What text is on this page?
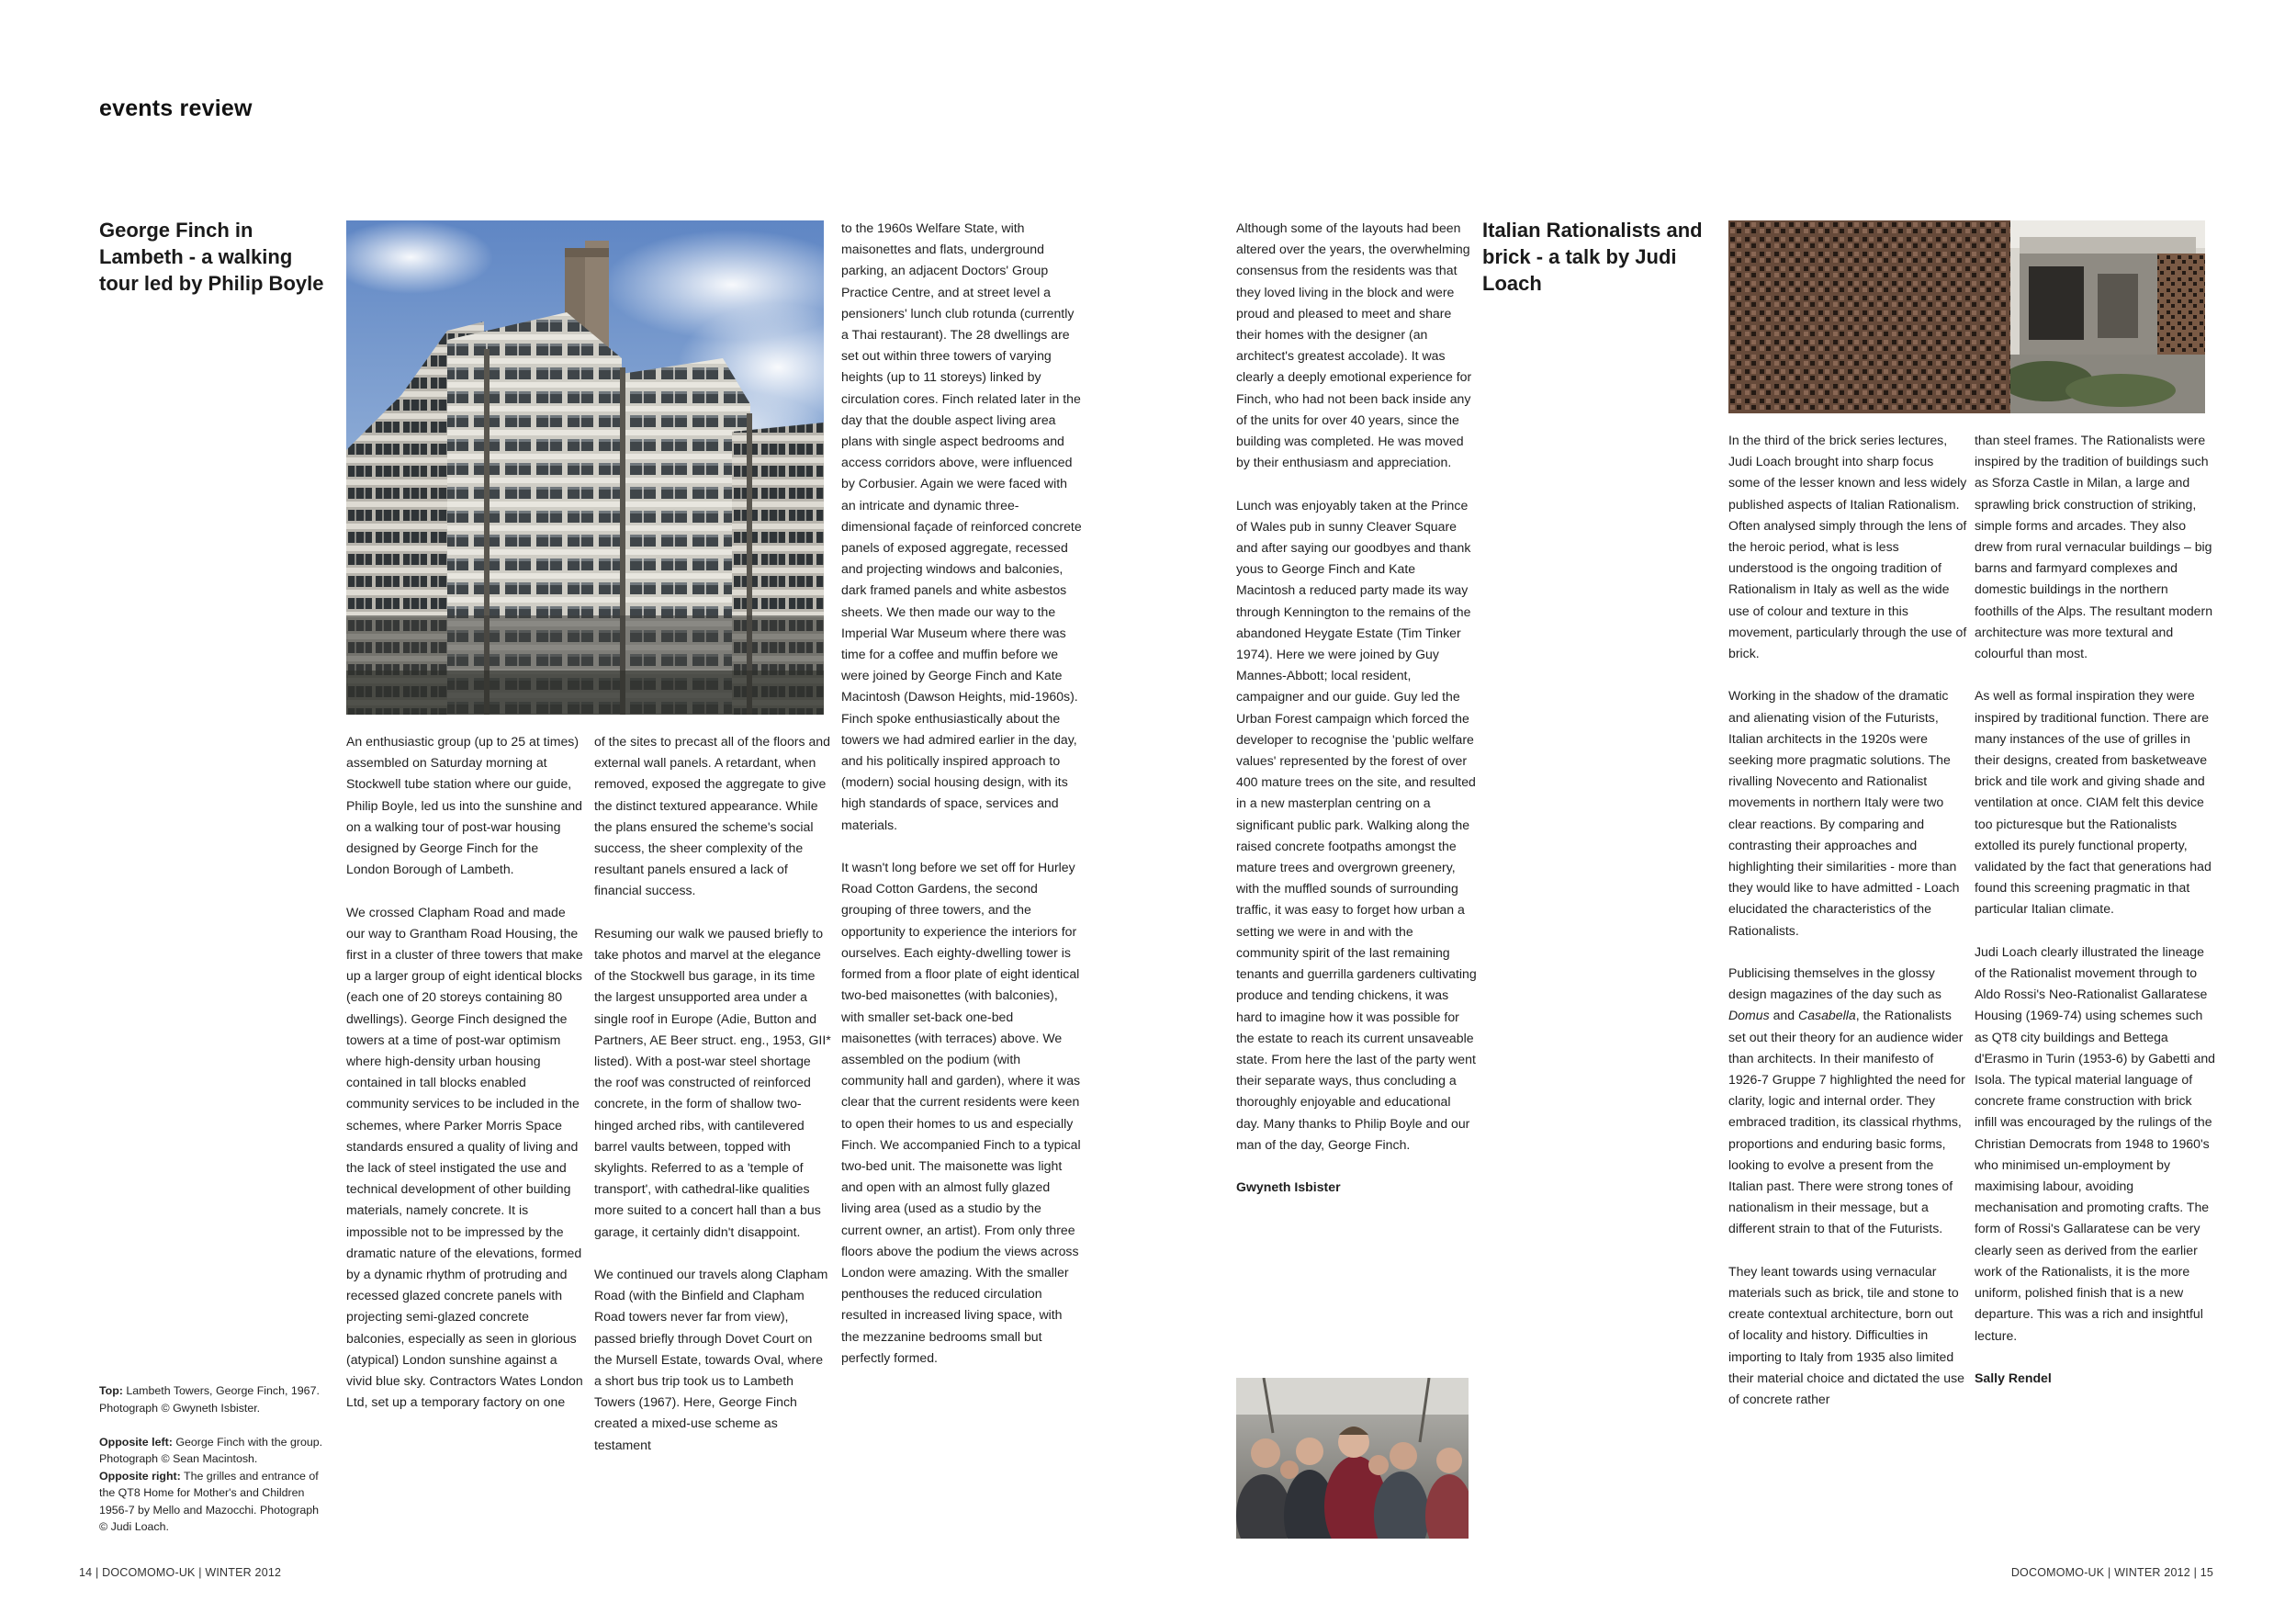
events review
George Finch in Lambeth - a walking tour led by Philip Boyle

An enthusiastic group (up to 25 at times) assembled on Saturday morning at Stockwell tube station where our guide, Philip Boyle, led us into the sunshine and on a walking tour of post-war housing designed by George Finch for the London Borough of Lambeth.

We crossed Clapham Road and made our way to Grantham Road Housing, the first in a cluster of three towers that make up a larger group of eight identical blocks (each one of 20 storeys containing 80 dwellings). George Finch designed the towers at a time of post-war optimism where high-density urban housing contained in tall blocks enabled community services to be included in the schemes, where Parker Morris Space standards ensured a quality of living and the lack of steel instigated the use and technical development of other building materials, namely concrete. It is impossible not to be impressed by the dramatic nature of the elevations, formed by a dynamic rhythm of protruding and recessed glazed concrete panels with projecting semi-glazed concrete balconies, especially as seen in glorious (atypical) London sunshine against a vivid blue sky. Contractors Wates London Ltd, set up a temporary factory on one

of the sites to precast all of the floors and external wall panels. A retardant, when removed, exposed the aggregate to give the distinct textured appearance. While the plans ensured the scheme's social success, the sheer complexity of the resultant panels ensured a lack of financial success.

Resuming our walk we paused briefly to take photos and marvel at the elegance of the Stockwell bus garage, in its time the largest unsupported area under a single roof in Europe (Adie, Button and Partners, AE Beer struct. eng., 1953, GII* listed). With a post-war steel shortage the roof was constructed of reinforced concrete, in the form of shallow two-hinged arched ribs, with cantilevered barrel vaults between, topped with skylights. Referred to as a 'temple of transport', with cathedral-like qualities more suited to a concert hall than a bus garage, it certainly didn't disappoint.

We continued our travels along Clapham Road (with the Binfield and Clapham Road towers never far from view), passed briefly through Dovet Court on the Mursell Estate, towards Oval, where a short bus trip took us to Lambeth Towers (1967). Here, George Finch created a mixed-use scheme as testament

to the 1960s Welfare State, with maisonettes and flats, underground parking, an adjacent Doctors' Group Practice Centre, and at street level a pensioners' lunch club rotunda (currently a Thai restaurant). The 28 dwellings are set out within three towers of varying heights (up to 11 storeys) linked by circulation cores. Finch related later in the day that the double aspect living area plans with single aspect bedrooms and access corridors above, were influenced by Corbusier. Again we were faced with an intricate and dynamic three-dimensional façade of reinforced concrete panels of exposed aggregate, recessed and projecting windows and balconies, dark framed panels and white asbestos sheets. We then made our way to the Imperial War Museum where there was time for a coffee and muffin before we were joined by George Finch and Kate Macintosh (Dawson Heights, mid-1960s). Finch spoke enthusiastically about the towers we had admired earlier in the day, and his politically inspired approach to (modern) social housing design, with its high standards of space, services and materials.

It wasn't long before we set off for Hurley Road Cotton Gardens, the second grouping of three towers, and the opportunity to experience the interiors for ourselves. Each eighty-dwelling tower is formed from a floor plate of eight identical two-bed maisonettes (with balconies), with smaller set-back one-bed maisonettes (with terraces) above. We assembled on the podium (with community hall and garden), where it was clear that the current residents were keen to open their homes to us and especially Finch. We accompanied Finch to a typical two-bed unit. The maisonette was light and open with an almost fully glazed living area (used as a studio by the current owner, an artist). From only three floors above the podium the views across London were amazing. With the smaller penthouses the reduced circulation resulted in increased living space, with the mezzanine bedrooms small but perfectly formed.

Top: Lambeth Towers, George Finch, 1967. Photograph © Gwyneth Isbister.

Opposite left: George Finch with the group. Photograph © Sean Macintosh.
Opposite right: The grilles and entrance of the QT8 Home for Mother's and Children 1956-7 by Mello and Mazocchi. Photograph © Judi Loach.

14 | DOCOMOMO-UK | WINTER 2012

Although some of the layouts had been altered over the years, the overwhelming consensus from the residents was that they loved living in the block and were proud and pleased to meet and share their homes with the designer (an architect's greatest accolade). It was clearly a deeply emotional experience for Finch, who had not been back inside any of the units for over 40 years, since the building was completed. He was moved by their enthusiasm and appreciation.

Lunch was enjoyably taken at the Prince of Wales pub in sunny Cleaver Square and after saying our goodbyes and thank yous to George Finch and Kate Macintosh a reduced party made its way through Kennington to the remains of the abandoned Heygate Estate (Tim Tinker 1974). Here we were joined by Guy Mannes-Abbott; local resident, campaigner and our guide. Guy led the Urban Forest campaign which forced the developer to recognise the 'public welfare values' represented by the forest of over 400 mature trees on the site, and resulted in a new masterplan centring on a significant public park. Walking along the raised concrete footpaths amongst the mature trees and overgrown greenery, with the muffled sounds of surrounding traffic, it was easy to forget how urban a setting we were in and with the community spirit of the last remaining tenants and guerrilla gardeners cultivating produce and tending chickens, it was hard to imagine how it was possible for the estate to reach its current unsaveable state. From here the last of the party went their separate ways, thus concluding a thoroughly enjoyable and educational day. Many thanks to Philip Boyle and our man of the day, George Finch.

Gwyneth Isbister

Italian Rationalists and brick - a talk by Judi Loach

In the third of the brick series lectures, Judi Loach brought into sharp focus some of the lesser known and less widely published aspects of Italian Rationalism. Often analysed simply through the lens of the heroic period, what is less understood is the ongoing tradition of Rationalism in Italy as well as the wide use of colour and texture in this movement, particularly through the use of brick.

Working in the shadow of the dramatic and alienating vision of the Futurists, Italian architects in the 1920s were seeking more pragmatic solutions. The rivalling Novecento and Rationalist movements in northern Italy were two clear reactions. By comparing and contrasting their approaches and highlighting their similarities - more than they would like to have admitted - Loach elucidated the characteristics of the Rationalists.

Publicising themselves in the glossy design magazines of the day such as Domus and Casabella, the Rationalists set out their theory for an audience wider than architects. In their manifesto of 1926-7 Gruppe 7 highlighted the need for clarity, logic and internal order. They embraced tradition, its classical rhythms, proportions and enduring basic forms, looking to evolve a present from the Italian past. There were strong tones of nationalism in their message, but a different strain to that of the Futurists.

They leant towards using vernacular materials such as brick, tile and stone to create contextual architecture, born out of locality and history. Difficulties in importing to Italy from 1935 also limited their material choice and dictated the use of concrete rather

than steel frames. The Rationalists were inspired by the tradition of buildings such as Sforza Castle in Milan, a large and sprawling brick construction of striking, simple forms and arcades. They also drew from rural vernacular buildings – big barns and farmyard complexes and domestic buildings in the northern foothills of the Alps. The resultant modern architecture was more textural and colourful than most.

As well as formal inspiration they were inspired by traditional function. There are many instances of the use of grilles in their designs, created from basketweave brick and tile work and giving shade and ventilation at once. CIAM felt this device too picturesque but the Rationalists extolled its purely functional property, validated by the fact that generations had found this screening pragmatic in that particular Italian climate.

Judi Loach clearly illustrated the lineage of the Rationalist movement through to Aldo Rossi's Neo-Rationalist Gallaratese Housing (1969-74) using schemes such as QT8 city buildings and Bettega d'Erasmo in Turin (1953-6) by Gabetti and Isola. The typical material language of concrete frame construction with brick infill was encouraged by the rulings of the Christian Democrats from 1948 to 1960's who minimised un-employment by maximising labour, avoiding mechanisation and promoting crafts. The form of Rossi's Gallaratese can be very clearly seen as derived from the earlier work of the Rationalists, it is the more uniform, polished finish that is a new departure. This was a rich and insightful lecture.

Sally Rendel

DOCOMOMO-UK | WINTER 2012 | 15
